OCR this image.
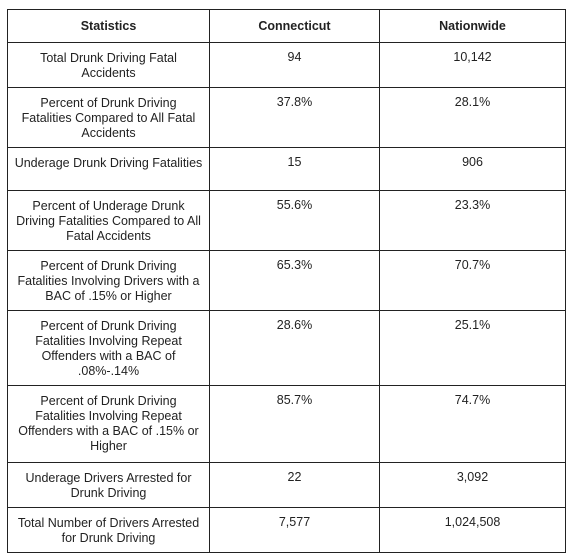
Statistics	Connecticut	Nationwide
Total Drunk Driving Fatal Accidents	94	10,142
Percent of Drunk Driving Fatalities Compared to All Fatal Accidents	37.8%	28.1%
Underage Drunk Driving Fatalities	15	906
Percent of Underage Drunk Driving Fatalities Compared to All Fatal Accidents	55.6%	23.3%
Percent of Drunk Driving Fatalities Involving Drivers with a BAC of .15% or Higher	65.3%	70.7%
Percent of Drunk Driving Fatalities Involving Repeat Offenders with a BAC of .08%-.14%	28.6%	25.1%
Percent of Drunk Driving Fatalities Involving Repeat Offenders with a BAC of .15% or Higher	85.7%	74.7%
Underage Drivers Arrested for Drunk Driving	22	3,092
Total Number of Drivers Arrested for Drunk Driving	7,577	1,024,508
